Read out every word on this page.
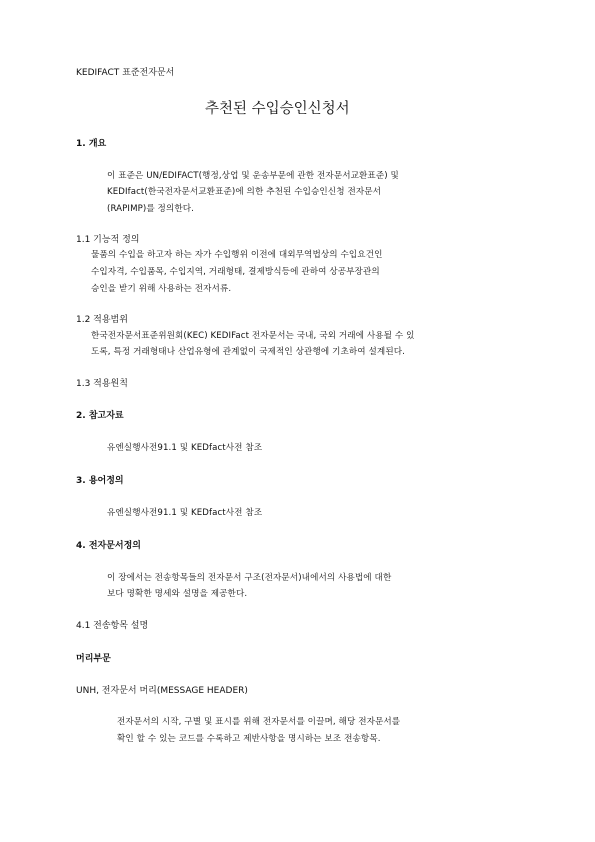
KEDIFACT 표준전자문서
추천된 수입승인신청서
1. 개요
이 표준은 UN/EDIFACT(행정,상업 및 운송부문에 관한 전자문서교환표준) 및
KEDIfact(한국전자문서교환표준)에 의한 추천된 수입승인신청 전자문서
(RAPIMP)를 정의한다.
1.1 기능적 정의
물품의 수입을 하고자 하는 자가 수입행위 이전에 대외무역법상의 수입요건인
수입자격, 수입품목, 수입지역, 거래형태, 결제방식등에 관하여 상공부장관의
승인을 받기 위해 사용하는 전자서류.
1.2 적용범위
한국전자문서표준위원회(KEC) KEDIFact 전자문서는 국내, 국외 거래에 사용될 수 있
도록, 특정 거래형태나 산업유형에 관계없이 국제적인 상관행에 기초하여 설계된다.
1.3 적용원칙
2. 참고자료
유엔실행사전91.1 및 KEDfact사전 참조
3. 용어정의
유엔실행사전91.1 및 KEDfact사전 참조
4. 전자문서정의
이 장에서는 전송항목들의 전자문서 구조(전자문서)내에서의 사용법에 대한
보다 명확한 명세와 설명을 제공한다.
4.1 전송항목 설명
머리부문
UNH, 전자문서 머리(MESSAGE HEADER)
전자문서의 시작, 구별 및 표시를 위해 전자문서를 이끌며, 해당 전자문서를
확인 할 수 있는 코드를 수록하고 제반사항을 명시하는 보조 전송항목.
